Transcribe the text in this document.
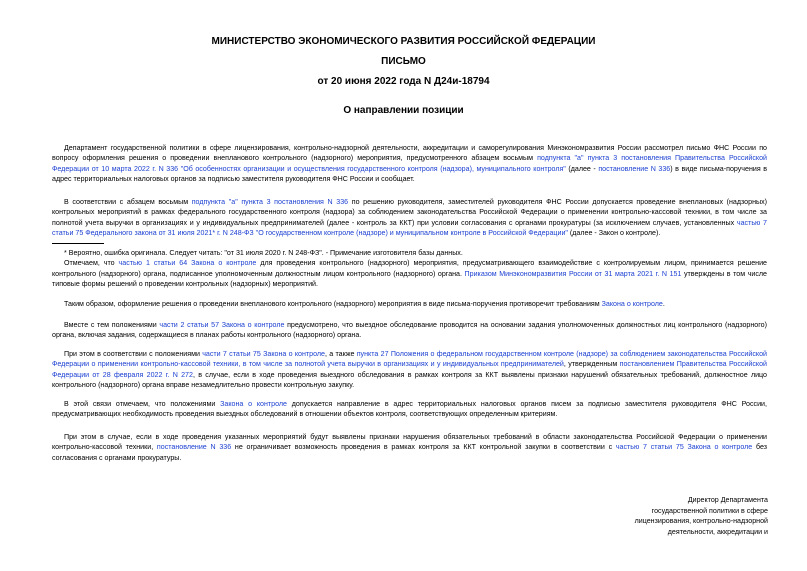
МИНИСТЕРСТВО ЭКОНОМИЧЕСКОГО РАЗВИТИЯ РОССИЙСКОЙ ФЕДЕРАЦИИ
ПИСЬМО
от 20 июня 2022 года N Д24и-18794
О направлении позиции
Департамент государственной политики в сфере лицензирования, контрольно-надзорной деятельности, аккредитации и саморегулирования Минэкономразвития России рассмотрел письмо ФНС России по вопросу оформления решения о проведении внепланового контрольного (надзорного) мероприятия, предусмотренного абзацем восьмым подпункта "а" пункта 3 постановления Правительства Российской Федерации от 10 марта 2022 г. N 336 "Об особенностях организации и осуществления государственного контроля (надзора), муниципального контроля" (далее - постановление N 336) в виде письма-поручения в адрес территориальных налоговых органов за подписью заместителя руководителя ФНС России и сообщает.
В соответствии с абзацем восьмым подпункта "а" пункта 3 постановления N 336 по решению руководителя, заместителей руководителя ФНС России допускается проведение внеплановых (надзорных) контрольных мероприятий в рамках федерального государственного контроля (надзора) за соблюдением законодательства Российской Федерации о применении контрольно-кассовой техники, в том числе за полнотой учета выручки в организациях и у индивидуальных предпринимателей (далее - контроль за ККТ) при условии согласования с органами прокуратуры (за исключением случаев, установленных частью 7 статьи 75 Федерального закона от 31 июля 2021* г. N 248-ФЗ "О государственном контроле (надзоре) и муниципальном контроле в Российской Федерации" (далее - Закон о контроле).
* Вероятно, ошибка оригинала. Следует читать: "от 31 июля 2020 г. N 248-ФЗ". - Примечание изготовителя базы данных.
Отмечаем, что частью 1 статьи 64 Закона о контроле для проведения контрольного (надзорного) мероприятия, предусматривающего взаимодействие с контролируемым лицом, принимается решение контрольного (надзорного) органа, подписанное уполномоченным должностным лицом контрольного (надзорного) органа. Приказом Минэкономразвития России от 31 марта 2021 г. N 151 утверждены в том числе типовые формы решений о проведении контрольных (надзорных) мероприятий.
Таким образом, оформление решения о проведении внепланового контрольного (надзорного) мероприятия в виде письма-поручения противоречит требованиям Закона о контроле.
Вместе с тем положениями части 2 статьи 57 Закона о контроле предусмотрено, что выездное обследование проводится на основании задания уполномоченных должностных лиц контрольного (надзорного) органа, включая задания, содержащиеся в планах работы контрольного (надзорного) органа.
При этом в соответствии с положениями части 7 статьи 75 Закона о контроле, а также пункта 27 Положения о федеральном государственном контроле (надзоре) за соблюдением законодательства Российской Федерации о применении контрольно-кассовой техники, в том числе за полнотой учета выручки в организациях и у индивидуальных предпринимателей, утвержденным постановлением Правительства Российской Федерации от 28 февраля 2022 г. N 272, в случае, если в ходе проведения выездного обследования в рамках контроля за ККТ выявлены признаки нарушений обязательных требований, должностное лицо контрольного (надзорного) органа вправе незамедлительно провести контрольную закупку.
В этой связи отмечаем, что положениями Закона о контроле допускается направление в адрес территориальных налоговых органов писем за подписью заместителя руководителя ФНС России, предусматривающих необходимость проведения выездных обследований в отношении объектов контроля, соответствующих определенным критериям.
При этом в случае, если в ходе проведения указанных мероприятий будут выявлены признаки нарушения обязательных требований в области законодательства Российской Федерации о применении контрольно-кассовой техники, постановление N 336 не ограничивает возможность проведения в рамках контроля за ККТ контрольной закупки в соответствии с частью 7 статьи 75 Закона о контроле без согласования с органами прокуратуры.
Директор Департамента
государственной политики в сфере
лицензирования, контрольно-надзорной
деятельности, аккредитации и
